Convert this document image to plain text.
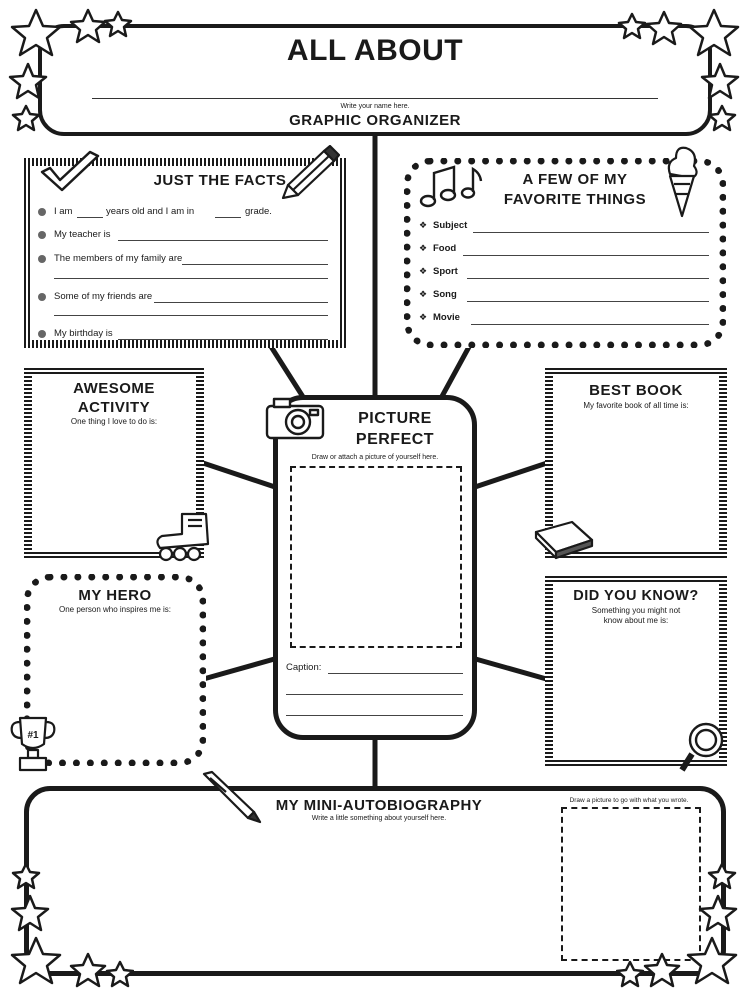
ALL ABOUT
Write your name here.
GRAPHIC ORGANIZER
JUST THE FACTS
I am	years old and I am in	grade.
My teacher is
The members of my family are
Some of my friends are
My birthday is
A FEW OF MY
FAVORITE THINGS
❖ Subject
❖ Food
❖ Sport
❖ Song
❖ Movie
AWESOME
ACTIVITY
One thing I love to do is:
BEST BOOK
My favorite book of all time is:
MY HERO
One person who inspires me is:
DID YOU KNOW?
Something you might not
know about me is:
PICTURE
PERFECT
Draw or attach a picture of yourself here.
Caption:
MY MINI-AUTOBIOGRAPHY
Write a little something about yourself here.
Draw a picture to go with what you wrote.
#1
